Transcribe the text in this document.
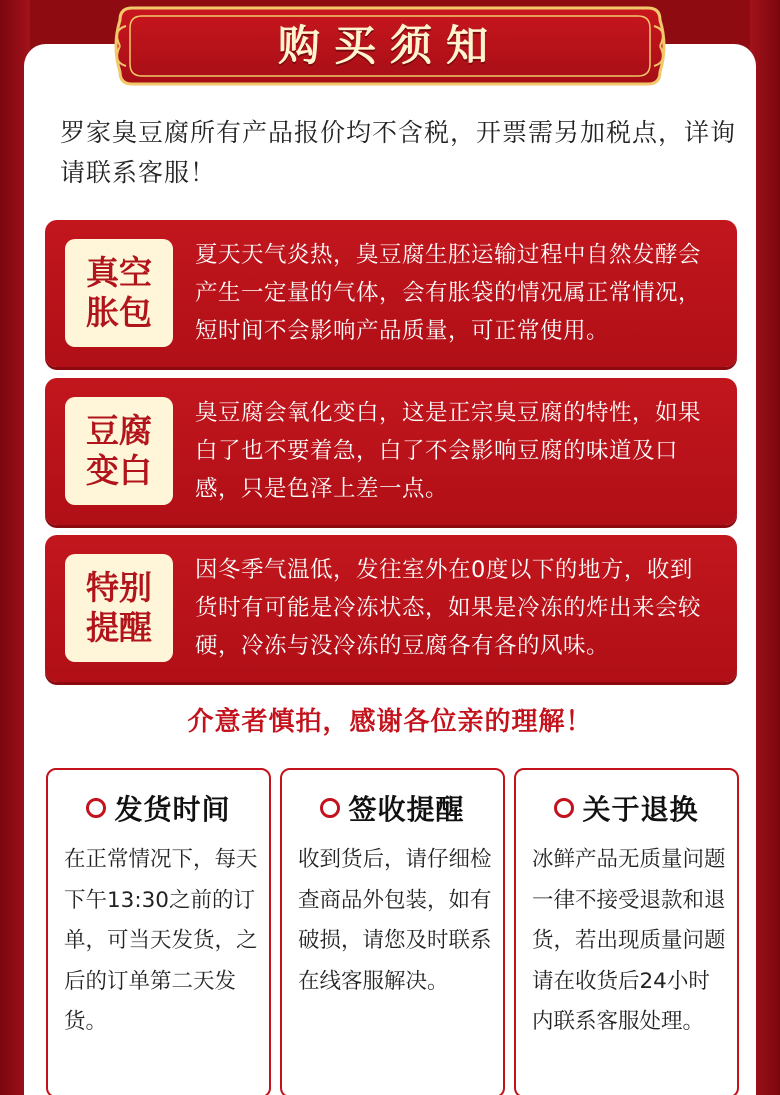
购买须知
罗家臭豆腐所有产品报价均不含税，开票需另加税点，详询请联系客服！
真空胀包
夏天天气炎热，臭豆腐生胚运输过程中自然发酵会产生一定量的气体，会有胀袋的情况属正常情况，短时间不会影响产品质量，可正常使用。
豆腐变白
臭豆腐会氧化变白，这是正宗臭豆腐的特性，如果白了也不要着急，白了不会影响豆腐的味道及口感，只是色泽上差一点。
特别提醒
因冬季气温低，发往室外在0度以下的地方，收到货时有可能是冷冻状态，如果是冷冻的炸出来会较硬，冷冻与没冷冻的豆腐各有各的风味。
介意者慎拍，感谢各位亲的理解！
发货时间
在正常情况下，每天下午13:30之前的订单，可当天发货，之后的订单第二天发货。
签收提醒
收到货后，请仔细检查商品外包装，如有破损，请您及时联系在线客服解决。
关于退换
冰鲜产品无质量问题一律不接受退款和退货，若出现质量问题请在收货后24小时内联系客服处理。
